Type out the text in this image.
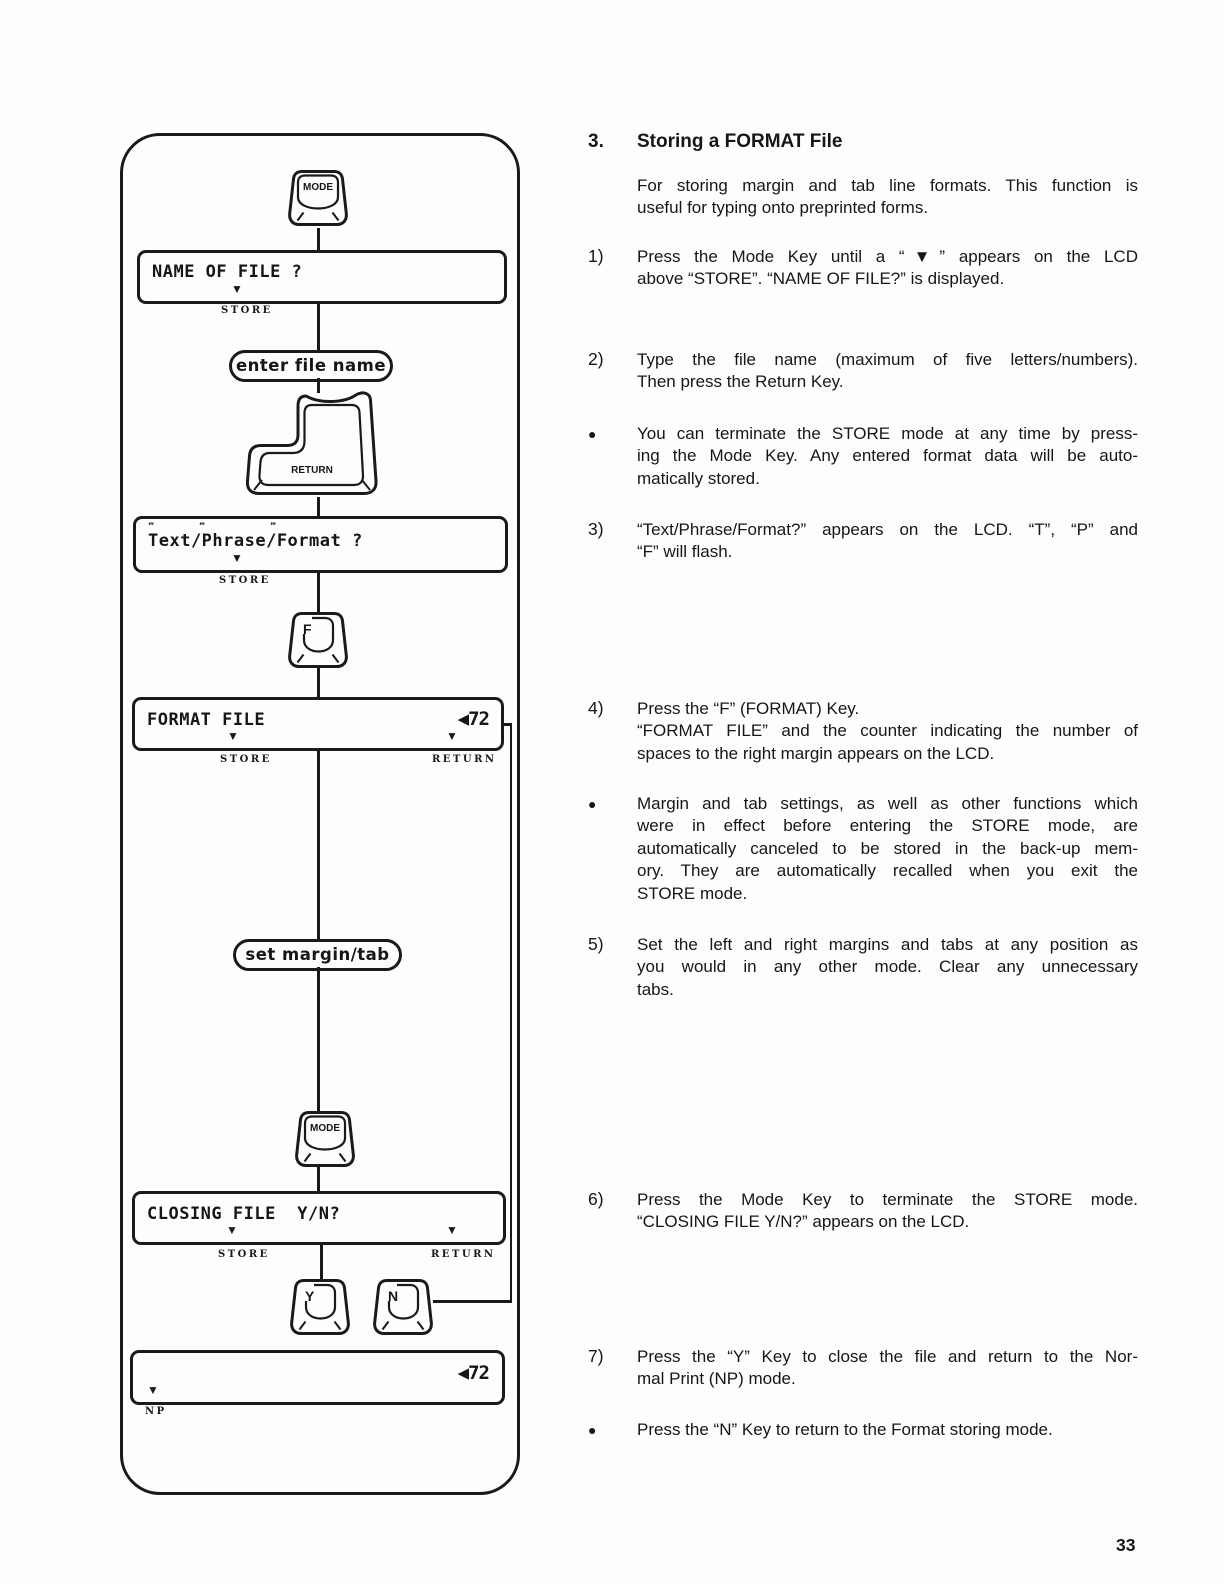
MODE
NAME OF FILE ?
▼
STORE
enter file name
RETURN
Text/Phrase/Format ?
‴	‴	‴
▼
STORE
F
FORMAT FILE	◀72
▼	▼
STORE	RETURN
set margin/tab
MODE
CLOSING FILE  Y/N?
▼	▼
STORE	RETURN
Y	N
◀72
▼
NP
3. Storing a FORMAT File
For storing margin and tab line formats. This function is
useful for typing onto preprinted forms.
1) Press the Mode Key until a “▼” appears on the LCD
above “STORE”. “NAME OF FILE?” is displayed.
2) Type the file name (maximum of five letters/numbers).
Then press the Return Key.
● You can terminate the STORE mode at any time by press-
ing the Mode Key. Any entered format data will be auto-
matically stored.
3) “Text/Phrase/Format?” appears on the LCD. “T”, “P” and
“F” will flash.
4) Press the “F” (FORMAT) Key.
“FORMAT FILE” and the counter indicating the number of
spaces to the right margin appears on the LCD.
● Margin and tab settings, as well as other functions which
were in effect before entering the STORE mode, are
automatically canceled to be stored in the back-up mem-
ory. They are automatically recalled when you exit the
STORE mode.
5) Set the left and right margins and tabs at any position as
you would in any other mode. Clear any unnecessary
tabs.
6) Press the Mode Key to terminate the STORE mode.
“CLOSING FILE Y/N?” appears on the LCD.
7) Press the “Y” Key to close the file and return to the Nor-
mal Print (NP) mode.
● Press the “N” Key to return to the Format storing mode.
33
